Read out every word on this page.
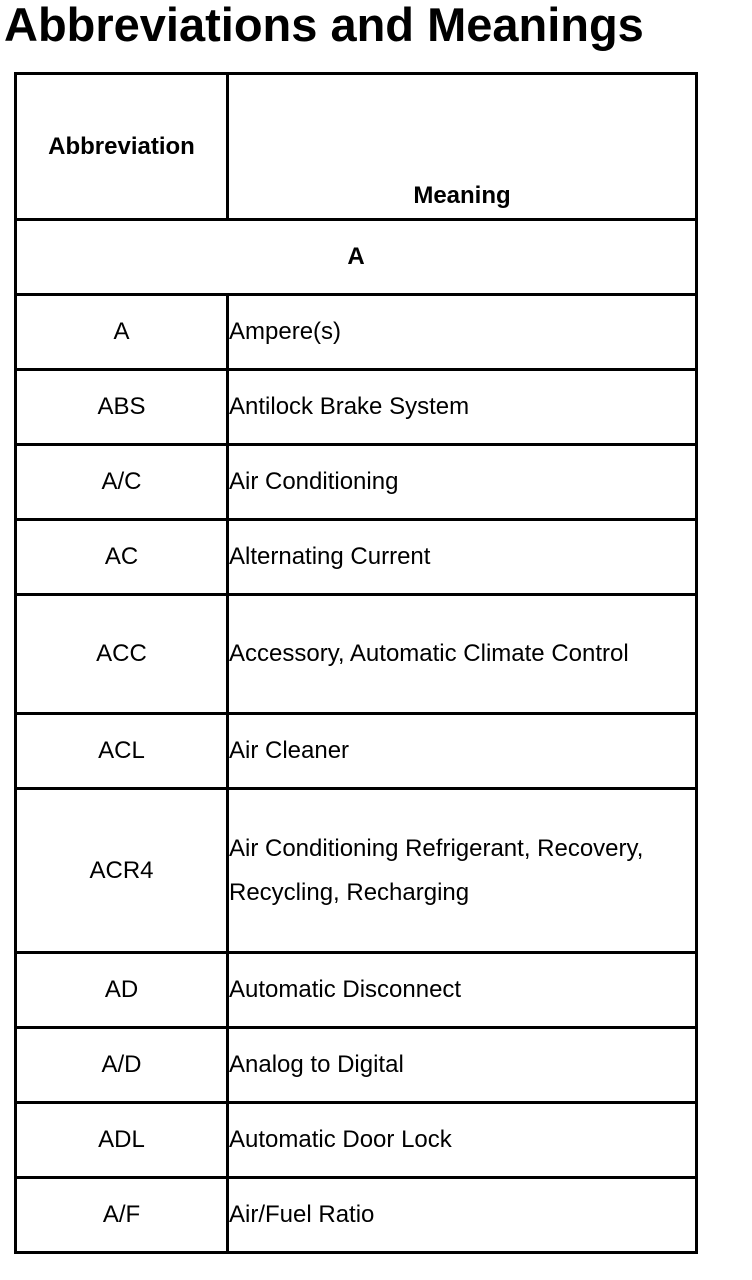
Abbreviations and Meanings
Abbreviation	Meaning
A	
A	Ampere(s)
ABS	Antilock Brake System
A/C	Air Conditioning
AC	Alternating Current
ACC	Accessory, Automatic Climate Control
ACL	Air Cleaner
ACR4	Air Conditioning Refrigerant, Recovery, Recycling, Recharging
AD	Automatic Disconnect
A/D	Analog to Digital
ADL	Automatic Door Lock
A/F	Air/Fuel Ratio
